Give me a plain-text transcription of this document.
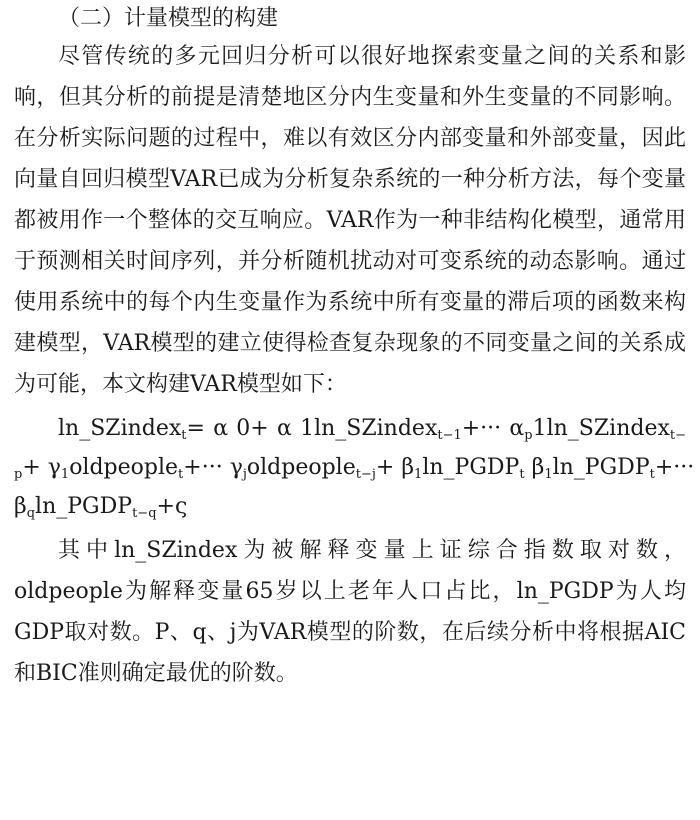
（二）计量模型的构建

尽管传统的多元回归分析可以很好地探索变量之间的关系和影响，但其分析的前提是清楚地区分内生变量和外生变量的不同影响。在分析实际问题的过程中，难以有效区分内部变量和外部变量，因此向量自回归模型VAR已成为分析复杂系统的一种分析方法，每个变量都被用作一个整体的交互响应。VAR作为一种非结构化模型，通常用于预测相关时间序列，并分析随机扰动对可变系统的动态影响。通过使用系统中的每个内生变量作为系统中所有变量的滞后项的函数来构建模型，VAR模型的建立使得检查复杂现象的不同变量之间的关系成为可能，本文构建VAR模型如下：

ln_SZindex$_t$= α 0+ α 1ln_SZindex$_{t-1}$+··· $\alpha_p1\ln\_SZindex_{t-}$
$_p+ \gamma_1oldpeople_t+\cdot\cdot\cdot$ $\gamma_joldpeople_{t-j}+$ $\beta_1\ln\_PGDP_t$ $\beta_1\ln\_PGDP_t+\cdot\cdot\cdot$
$\beta_q\ln\_PGDP_{t-q}+\varsigma$

其中ln_SZindex为被解释变量上证综合指数取对数，oldpeople为解释变量65岁以上老年人口占比，ln_PGDP为人均GDP取对数。P、q、j为VAR模型的阶数，在后续分析中将根据AIC和BIC准则确定最优的阶数。
